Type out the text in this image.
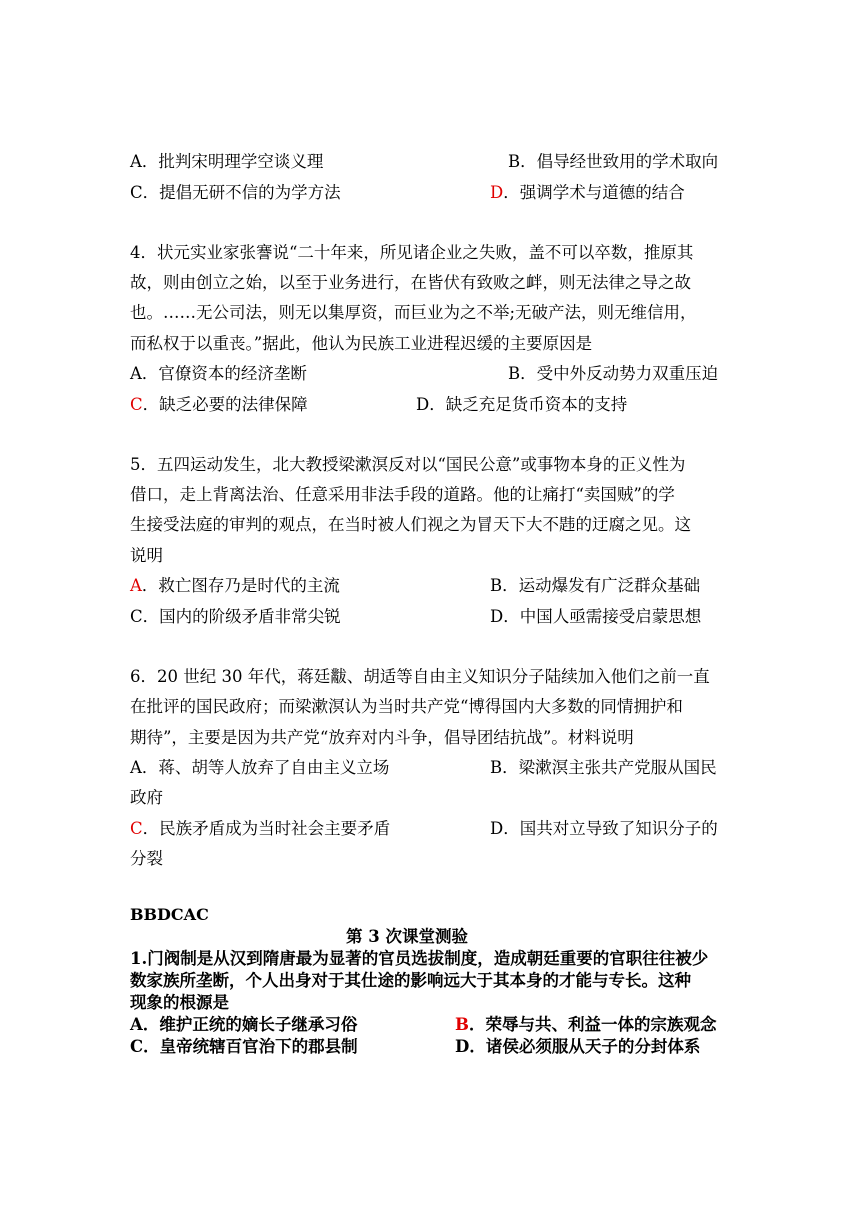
A．批判宋明理学空谈义理	B．倡导经世致用的学术取向
C．提倡无研不信的为学方法	D．强调学术与道德的结合
4．状元实业家张謇说“二十年来，所见诸企业之失败，盖不可以卒数，推原其
故，则由创立之始，以至于业务进行，在皆伏有致败之衅，则无法律之导之故
也。……无公司法，则无以集厚资，而巨业为之不举;无破产法，则无维信用，
而私权于以重丧。”据此，他认为民族工业进程迟缓的主要原因是
A．官僚资本的经济垄断	B．受中外反动势力双重压迫
C．缺乏必要的法律保障	D．缺乏充足货币资本的支持
5．五四运动发生，北大教授梁漱溟反对以“国民公意”或事物本身的正义性为
借口，走上背离法治、任意采用非法手段的道路。他的让痛打“卖国贼”的学
生接受法庭的审判的观点，在当时被人们视之为冒天下大不韪的迂腐之见。这
说明
A．救亡图存乃是时代的主流	B．运动爆发有广泛群众基础
C．国内的阶级矛盾非常尖锐	D．中国人亟需接受启蒙思想
6．20 世纪 30 年代，蒋廷黻、胡适等自由主义知识分子陆续加入他们之前一直
在批评的国民政府；而梁漱溟认为当时共产党“博得国内大多数的同情拥护和
期待”，主要是因为共产党“放弃对内斗争，倡导团结抗战”。材料说明
A．蒋、胡等人放弃了自由主义立场	B．梁漱溟主张共产党服从国民
政府
C．民族矛盾成为当时社会主要矛盾	D．国共对立导致了知识分子的
分裂
BBDCAC
第 3 次课堂测验
1.门阀制是从汉到隋唐最为显著的官员选拔制度，造成朝廷重要的官职往往被少
数家族所垄断，个人出身对于其仕途的影响远大于其本身的才能与专长。这种
现象的根源是
A．维护正统的嫡长子继承习俗	B．荣辱与共、利益一体的宗族观念
C．皇帝统辖百官治下的郡县制	D．诸侯必须服从天子的分封体系
